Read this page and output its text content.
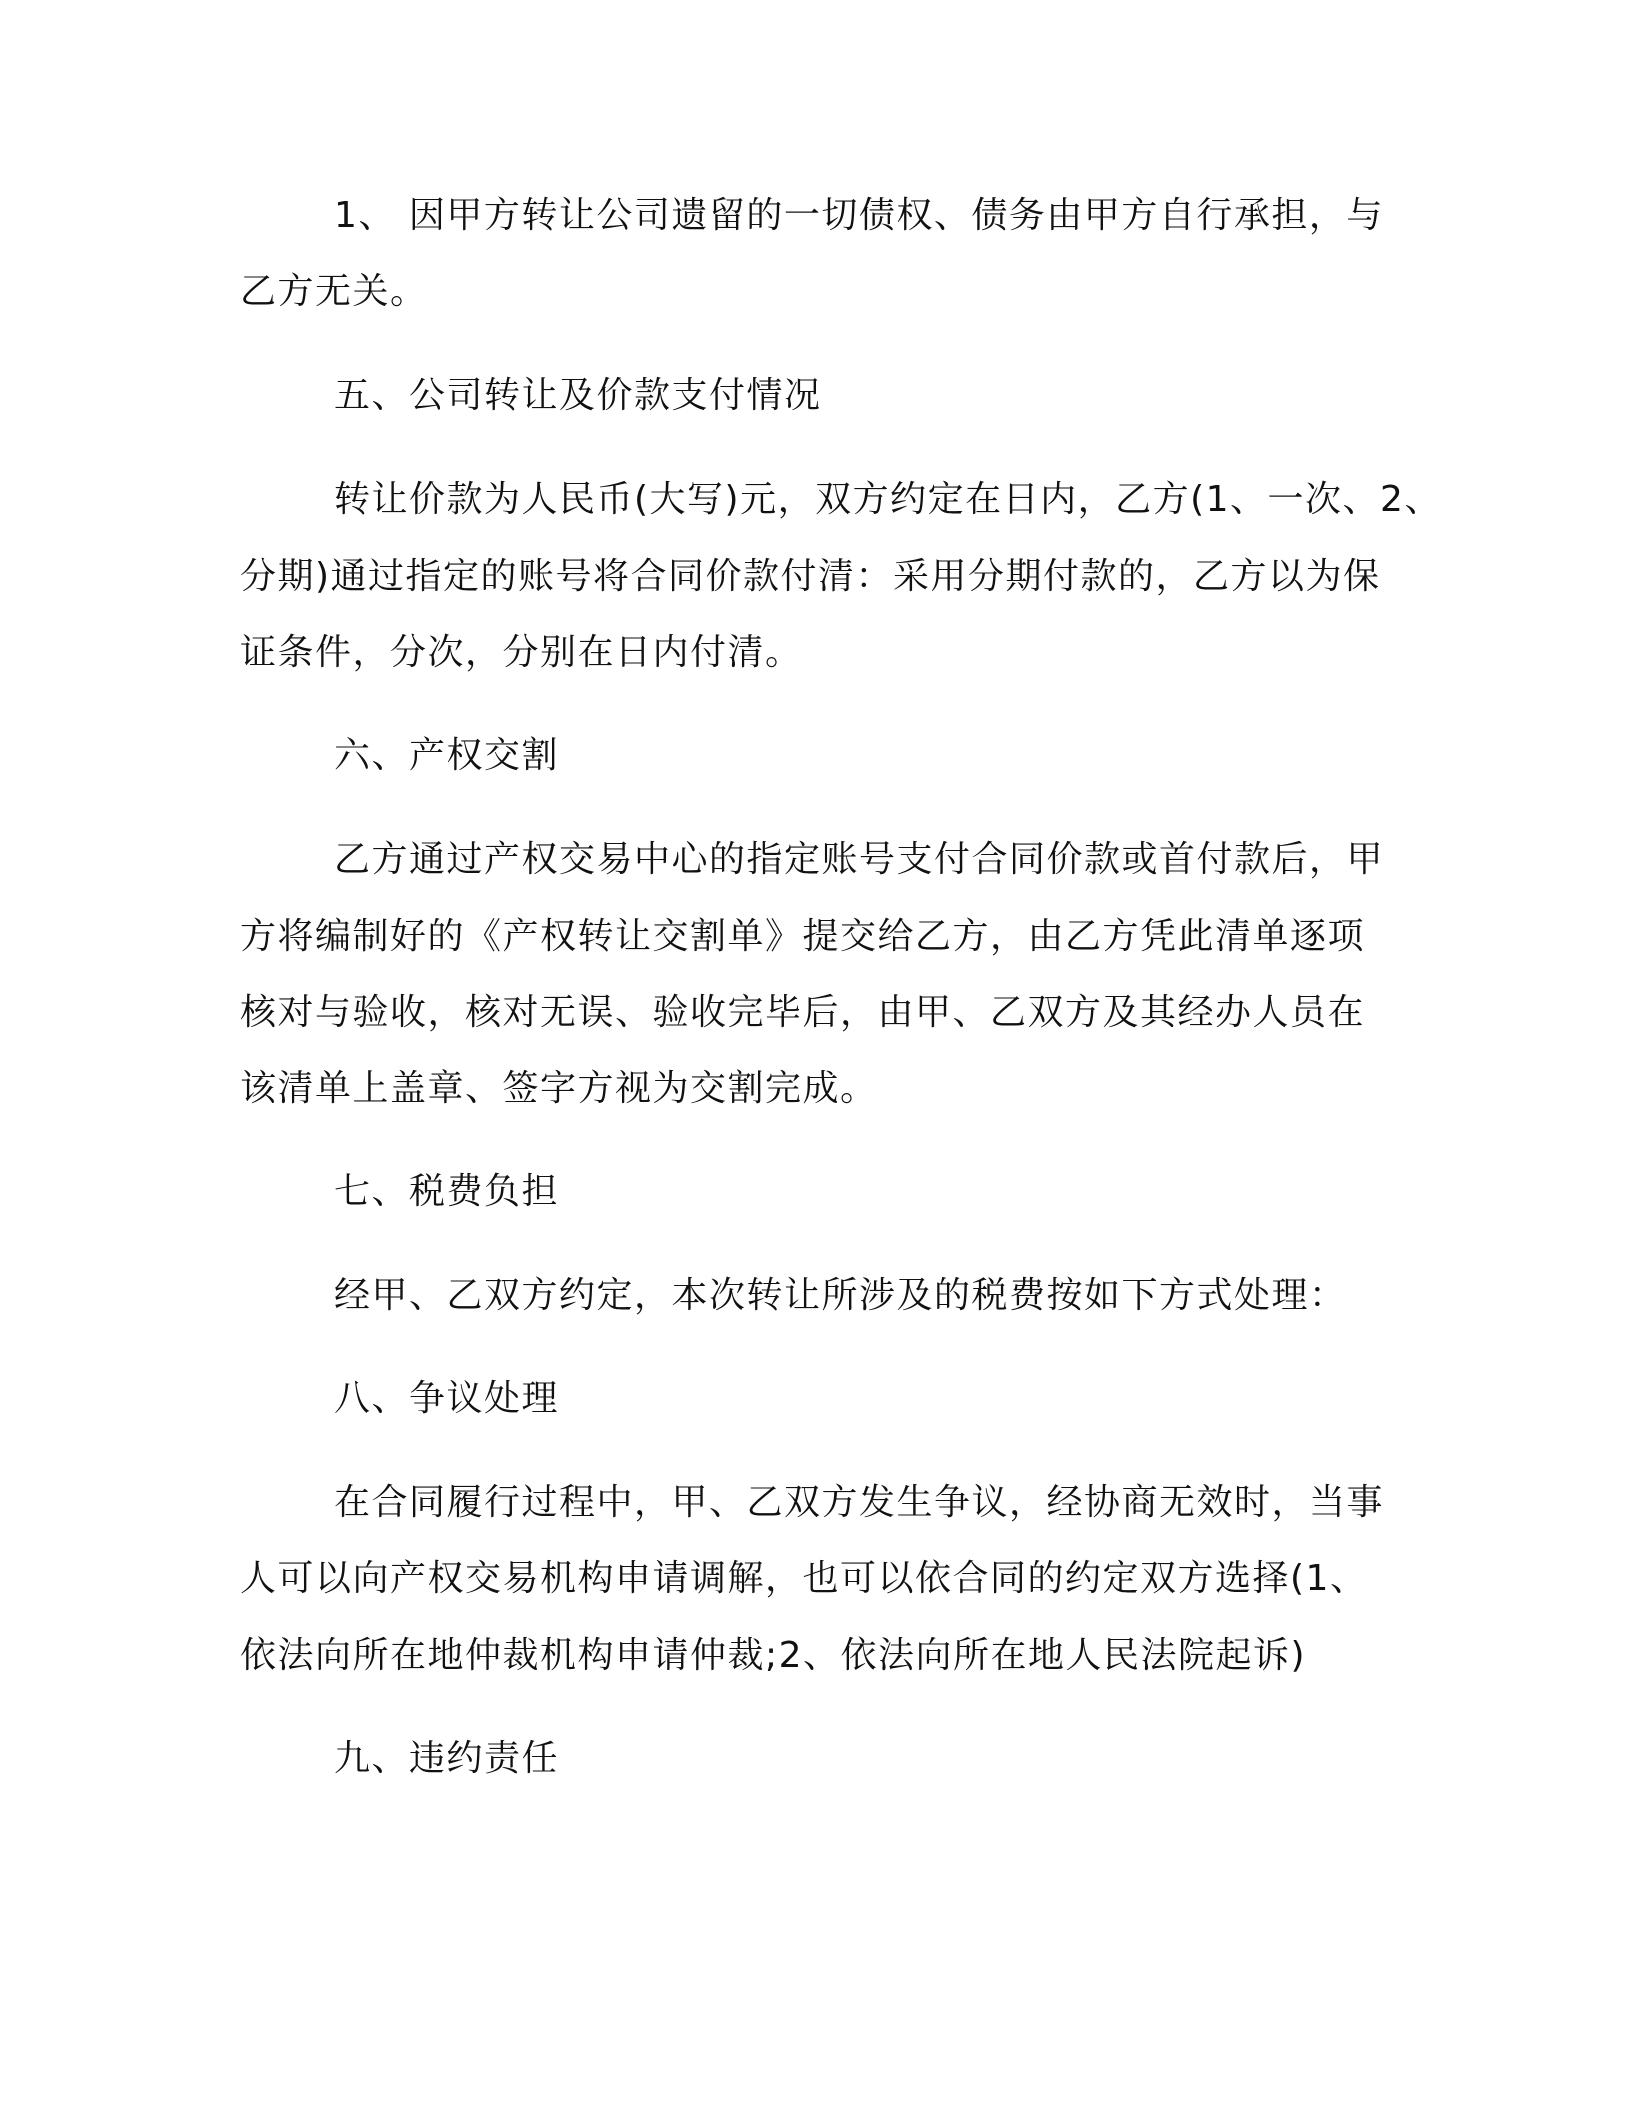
1、 因甲方转让公司遗留的一切债权、债务由甲方自行承担，与
乙方无关。
五、公司转让及价款支付情况
转让价款为人民币(大写)元，双方约定在日内，乙方(1、一次、2、
分期)通过指定的账号将合同价款付清：采用分期付款的，乙方以为保
证条件，分次，分别在日内付清。
六、产权交割
乙方通过产权交易中心的指定账号支付合同价款或首付款后，甲
方将编制好的《产权转让交割单》提交给乙方，由乙方凭此清单逐项
核对与验收，核对无误、验收完毕后，由甲、乙双方及其经办人员在
该清单上盖章、签字方视为交割完成。
七、税费负担
经甲、乙双方约定，本次转让所涉及的税费按如下方式处理：
八、争议处理
在合同履行过程中，甲、乙双方发生争议，经协商无效时，当事
人可以向产权交易机构申请调解，也可以依合同的约定双方选择(1、
依法向所在地仲裁机构申请仲裁;2、依法向所在地人民法院起诉)
九、违约责任
